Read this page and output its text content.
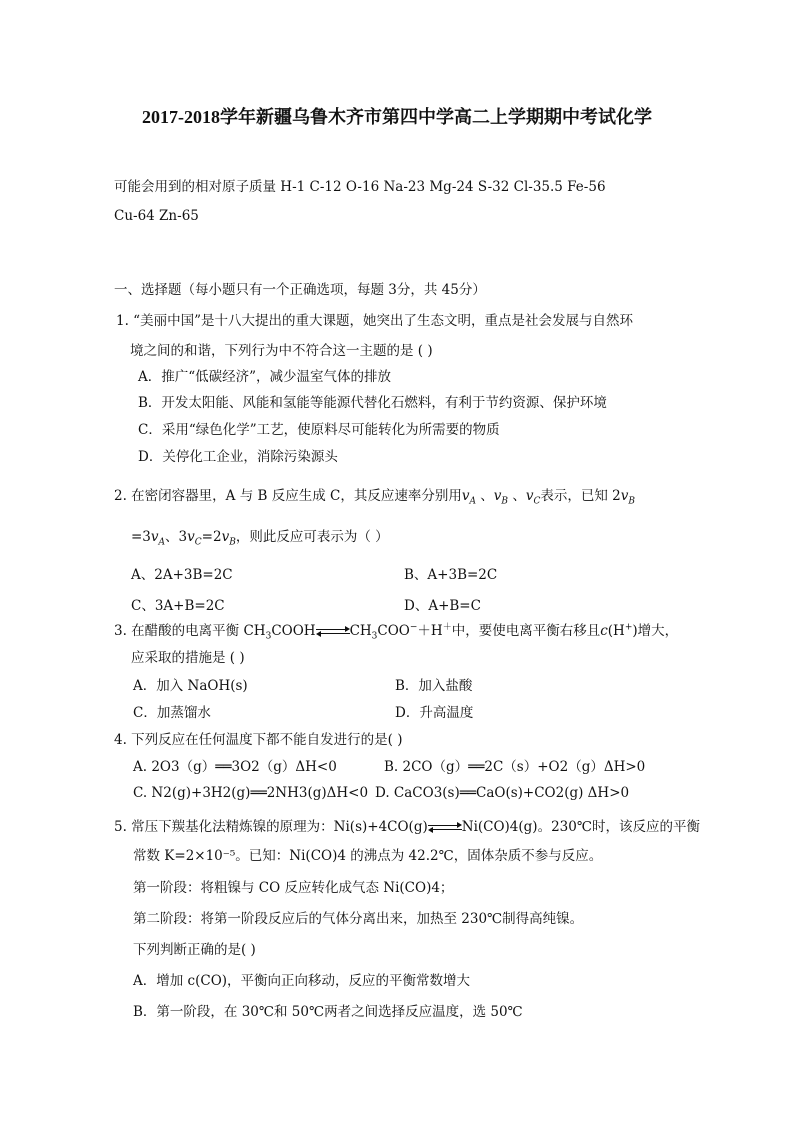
2017-2018学年新疆乌鲁木齐市第四中学高二上学期期中考试化学
可能会用到的相对原子质量 H-1 C-12 O-16 Na-23 Mg-24 S-32 Cl-35.5 Fe-56
Cu-64 Zn-65
一、选择题（每小题只有一个正确选项，每题 3分，共 45分）
1. “美丽中国”是十八大提出的重大课题，她突出了生态文明，重点是社会发展与自然环
境之间的和谐，下列行为中不符合这一主题的是 ( )
A．推广“低碳经济”，减少温室气体的排放
B．开发太阳能、风能和氢能等能源代替化石燃料，有利于节约资源、保护环境
C．采用“绿色化学”工艺，使原料尽可能转化为所需要的物质
D．关停化工企业，消除污染源头
2. 在密闭容器里，A 与 B 反应生成 C，其反应速率分别用$v_A$ 、$v_B$ 、$v_C$表示，已知 $2v_B$
$=3v_A$、$3v_C=2v_B$，则此反应可表示为（ ）
A、2A+3B=2C	B、A+3B=2C
C、3A+B=2C	D、A+B=C
3. 在醋酸的电离平衡 $CH_3COOH$	$CH_3COO^-+H^+$中，要使电离平衡右移且c(H+)增大，
应采取的措施是 ( )
A．加入 NaOH(s)	B．加入盐酸
C．加蒸馏水	D．升高温度
4. 下列反应在任何温度下都不能自发进行的是( )
A. 2O3（g）══3O2（g）ΔH<0	B. 2CO（g）══2C（s）+O2（g）ΔH>0
C. N2(g)+3H2(g)══2NH3(g)ΔH<0 D. CaCO3(s)══CaO(s)+CO2(g) ΔH>0
5. 常压下羰基化法精炼镍的原理为：Ni(s)+4CO(g)	Ni(CO)4(g)。230℃时，该反应的平衡
常数 K=2×10⁻⁵。已知：Ni(CO)4 的沸点为 42.2℃，固体杂质不参与反应。
第一阶段：将粗镍与 CO 反应转化成气态 Ni(CO)4；
第二阶段：将第一阶段反应后的气体分离出来，加热至 230℃制得高纯镍。
下列判断正确的是( )
A．增加 c(CO)，平衡向正向移动，反应的平衡常数增大
B．第一阶段，在 30℃和 50℃两者之间选择反应温度，选 50℃
